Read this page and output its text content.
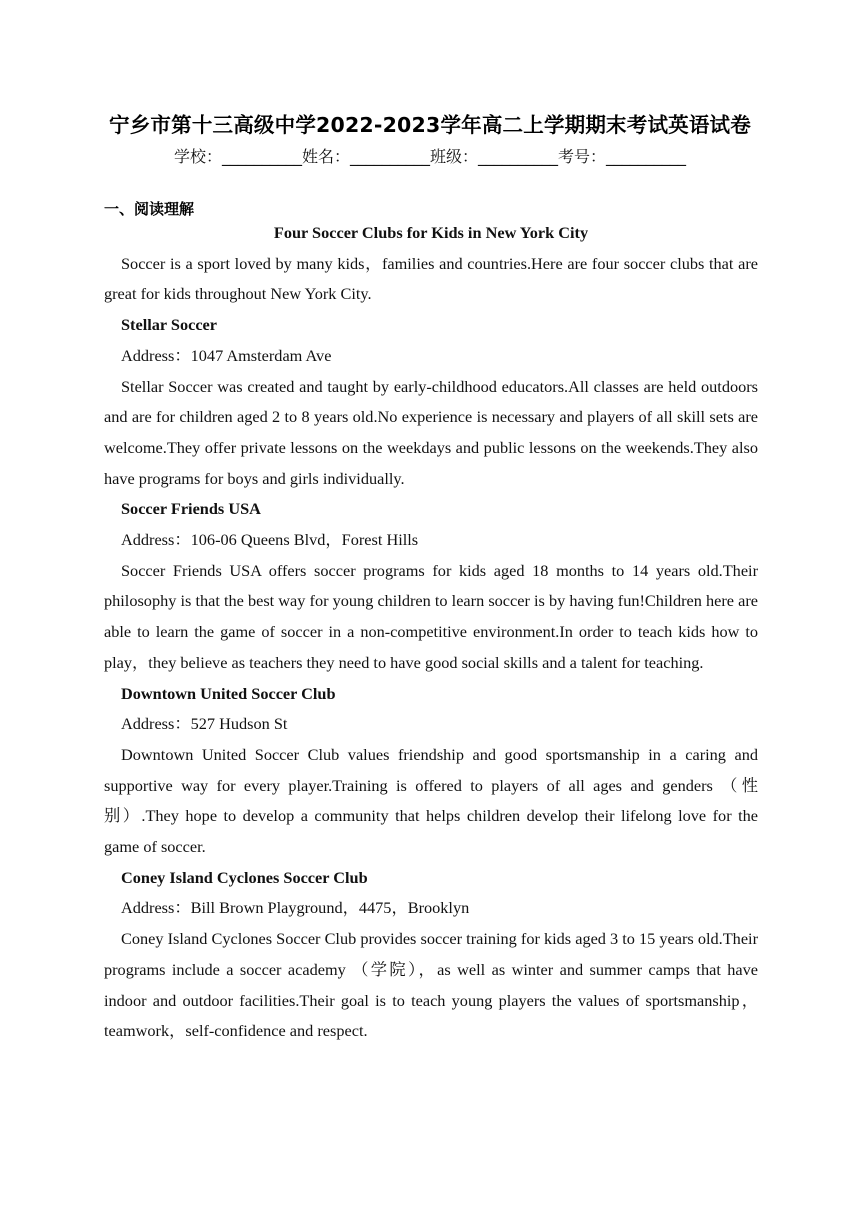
宁乡市第十三高级中学2022-2023学年高二上学期期末考试英语试卷
学校：__________姓名：__________班级：__________考号：__________
一、阅读理解

Four Soccer Clubs for Kids in New York City

Soccer is a sport loved by many kids，families and countries.Here are four soccer clubs that are great for kids throughout New York City.

Stellar Soccer

Address：1047 Amsterdam Ave

Stellar Soccer was created and taught by early-childhood educators.All classes are held outdoors and are for children aged 2 to 8 years old.No experience is necessary and players of all skill sets are welcome.They offer private lessons on the weekdays and public lessons on the weekends.They also have programs for boys and girls individually.

Soccer Friends USA

Address：106-06 Queens Blvd，Forest Hills

Soccer Friends USA offers soccer programs for kids aged 18 months to 14 years old.Their philosophy is that the best way for young children to learn soccer is by having fun!Children here are able to learn the game of soccer in a non-competitive environment.In order to teach kids how to play，they believe as teachers they need to have good social skills and a talent for teaching.

Downtown United Soccer Club

Address：527 Hudson St

Downtown United Soccer Club values friendship and good sportsmanship in a caring and supportive way for every player.Training is offered to players of all ages and genders （性别）.They hope to develop a community that helps children develop their lifelong love for the game of soccer.

Coney Island Cyclones Soccer Club

Address：Bill Brown Playground，4475，Brooklyn

Coney Island Cyclones Soccer Club provides soccer training for kids aged 3 to 15 years old.Their programs include a soccer academy （学院），as well as winter and summer camps that have indoor and outdoor facilities.Their goal is to teach young players the values of sportsmanship，teamwork，self-confidence and respect.
